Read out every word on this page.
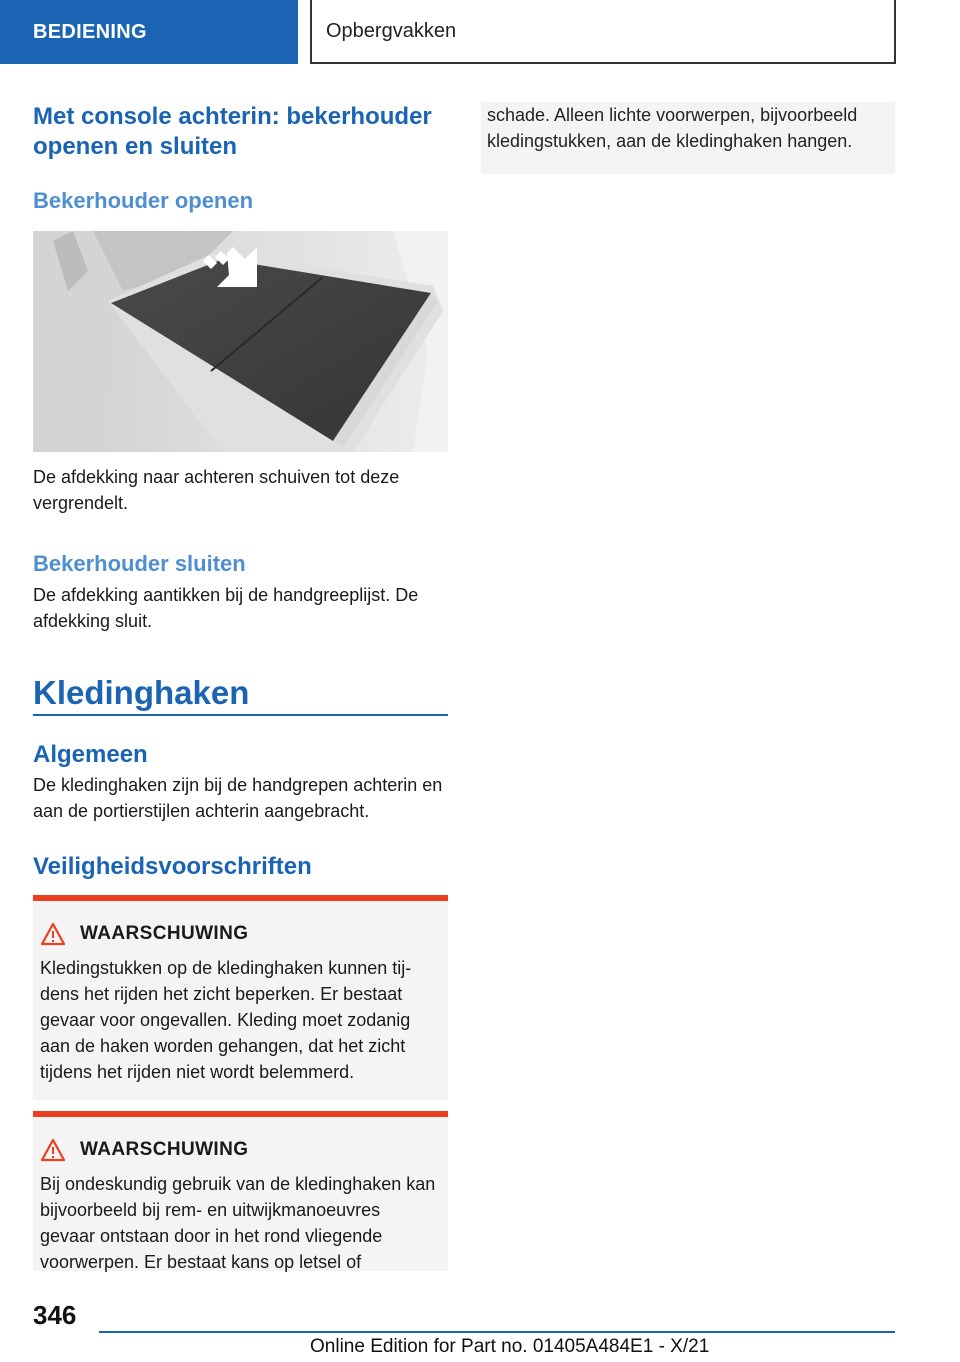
BEDIENING	Opbergvakken
Met console achterin: bekerhouder openen en sluiten
Bekerhouder openen

De afdekking naar achteren schuiven tot deze vergrendelt.

Bekerhouder sluiten

De afdekking aantikken bij de handgreeplijst. De afdekking sluit.

Kledinghaken
Algemeen

De kledinghaken zijn bij de handgrepen achterin en aan de portierstijlen achterin aangebracht.

Veiligheidsvoorschriften
WAARSCHUWING

Kledingstukken op de kledinghaken kunnen tij-dens het rijden het zicht beperken. Er bestaat gevaar voor ongevallen. Kleding moet zodanig aan de haken worden gehangen, dat het zicht tijdens het rijden niet wordt belemmerd.

WAARSCHUWING

Bij ondeskundig gebruik van de kledinghaken kan bijvoorbeeld bij rem- en uitwijkmanoeuvres gevaar ontstaan door in het rond vliegende voorwerpen. Er bestaat kans op letsel of

schade. Alleen lichte voorwerpen, bijvoorbeeld kledingstukken, aan de kledinghaken hangen.

346
Online Edition for Part no. 01405A484E1 - X/21
